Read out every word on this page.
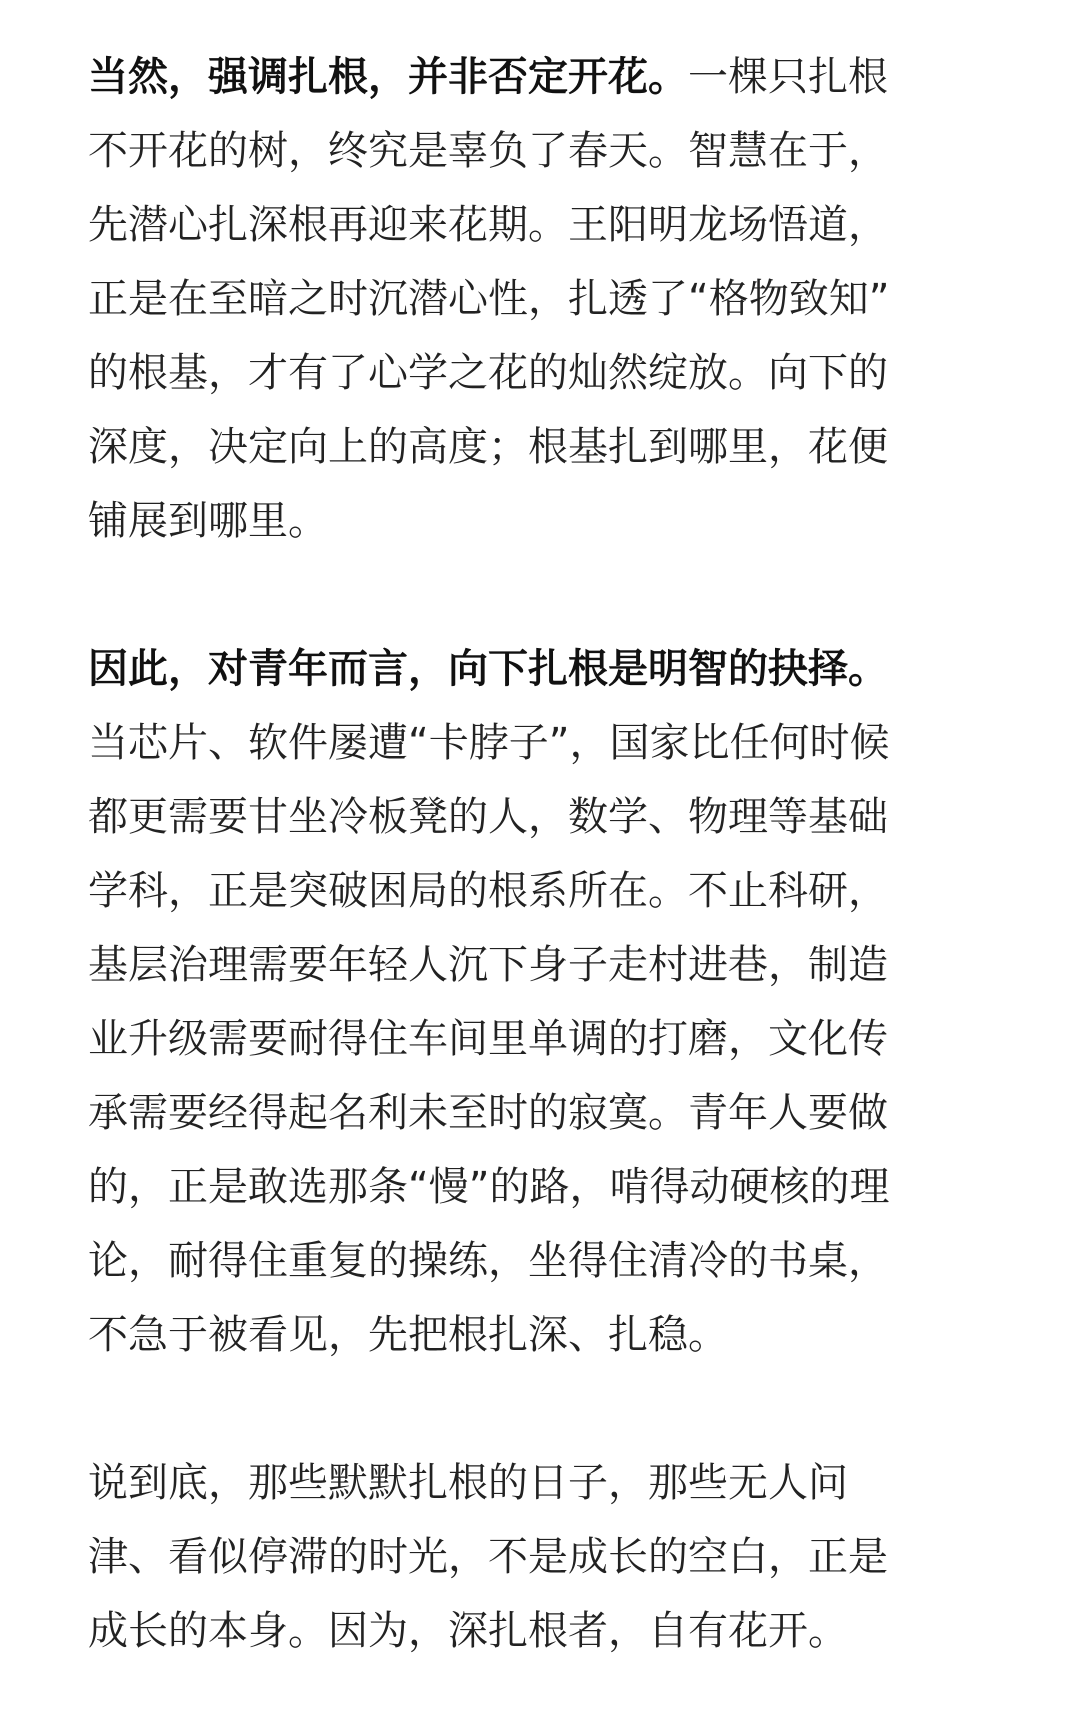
当然，强调扎根，并非否定开花。一棵只扎根
不开花的树，终究是辜负了春天。智慧在于，
先潜心扎深根再迎来花期。王阳明龙场悟道，
正是在至暗之时沉潜心性，扎透了“格物致知”
的根基，才有了心学之花的灿然绽放。向下的
深度，决定向上的高度；根基扎到哪里，花便
铺展到哪里。
因此，对青年而言，向下扎根是明智的抉择。
当芯片、软件屡遭“卡脖子”，国家比任何时候
都更需要甘坐冷板凳的人，数学、物理等基础
学科，正是突破困局的根系所在。不止科研，
基层治理需要年轻人沉下身子走村进巷，制造
业升级需要耐得住车间里单调的打磨，文化传
承需要经得起名利未至时的寂寞。青年人要做
的，正是敢选那条“慢”的路，啃得动硬核的理
论，耐得住重复的操练，坐得住清冷的书桌，
不急于被看见，先把根扎深、扎稳。
说到底，那些默默扎根的日子，那些无人问
津、看似停滞的时光，不是成长的空白，正是
成长的本身。因为，深扎根者，自有花开。
